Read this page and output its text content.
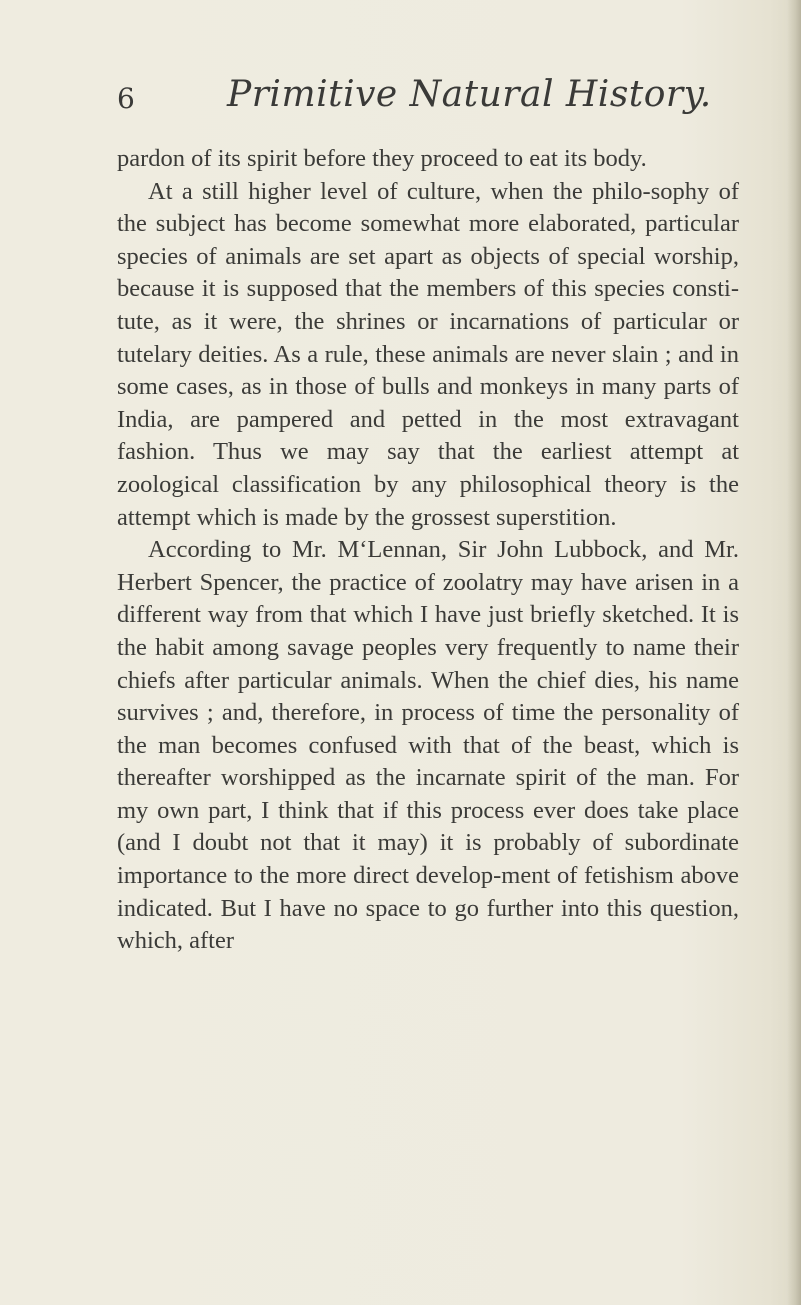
6	Primitive Natural History.

pardon of its spirit before they proceed to eat its body.

At a still higher level of culture, when the philo-sophy of the subject has become somewhat more elaborated, particular species of animals are set apart as objects of special worship, because it is supposed that the members of this species consti-tute, as it were, the shrines or incarnations of particular or tutelary deities. As a rule, these animals are never slain ; and in some cases, as in those of bulls and monkeys in many parts of India, are pampered and petted in the most extravagant fashion. Thus we may say that the earliest attempt at zoological classification by any philosophical theory is the attempt which is made by the grossest superstition.

According to Mr. M‘Lennan, Sir John Lubbock, and Mr. Herbert Spencer, the practice of zoolatry may have arisen in a different way from that which I have just briefly sketched. It is the habit among savage peoples very frequently to name their chiefs after particular animals. When the chief dies, his name survives ; and, therefore, in process of time the personality of the man becomes confused with that of the beast, which is thereafter worshipped as the incarnate spirit of the man. For my own part, I think that if this process ever does take place (and I doubt not that it may) it is probably of subordinate importance to the more direct develop-ment of fetishism above indicated. But I have no space to go further into this question, which, after
